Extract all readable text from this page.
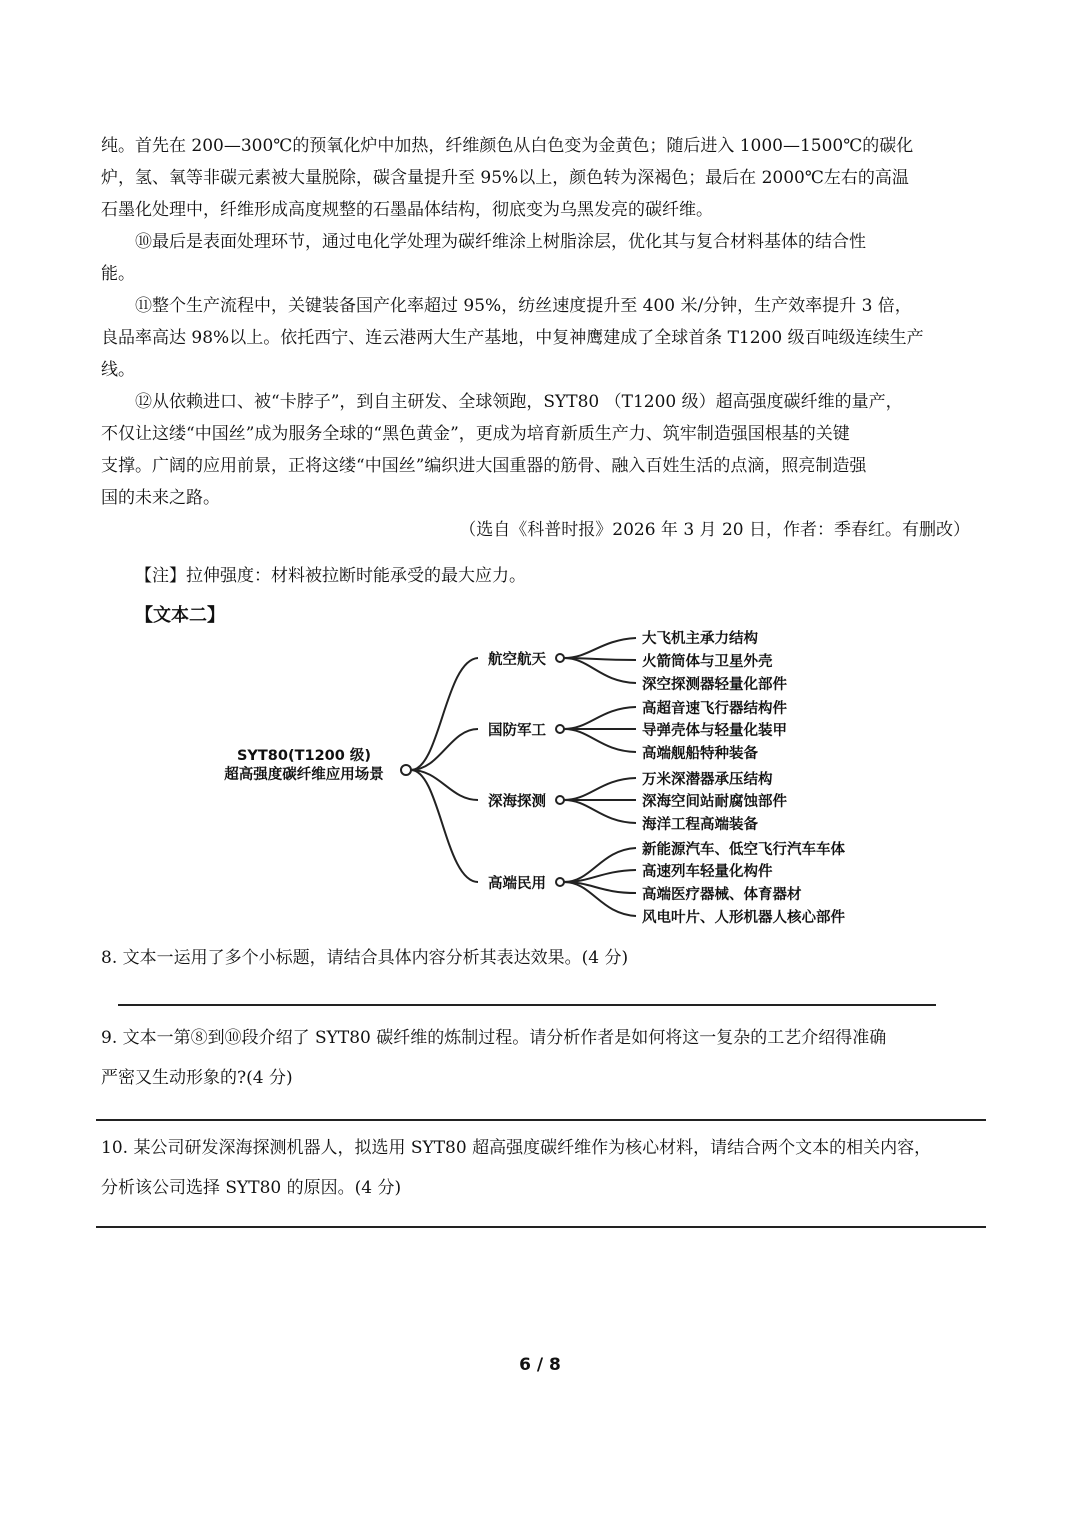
纯。首先在 200—300℃的预氧化炉中加热，纤维颜色从白色变为金黄色；随后进入 1000—1500℃的碳化
炉，氢、氧等非碳元素被大量脱除，碳含量提升至 95%以上，颜色转为深褐色；最后在 2000℃左右的高温
石墨化处理中，纤维形成高度规整的石墨晶体结构，彻底变为乌黑发亮的碳纤维。
⑩最后是表面处理环节，通过电化学处理为碳纤维涂上树脂涂层，优化其与复合材料基体的结合性
能。
⑪整个生产流程中，关键装备国产化率超过 95%，纺丝速度提升至 400 米/分钟，生产效率提升 3 倍，
良品率高达 98%以上。依托西宁、连云港两大生产基地，中复神鹰建成了全球首条 T1200 级百吨级连续生产
线。
⑫从依赖进口、被“卡脖子”，到自主研发、全球领跑，SYT80 （T1200 级）超高强度碳纤维的量产，
不仅让这缕“中国丝”成为服务全球的“黑色黄金”，更成为培育新质生产力、筑牢制造强国根基的关键
支撑。广阔的应用前景，正将这缕“中国丝”编织进大国重器的筋骨、融入百姓生活的点滴，照亮制造强
国的未来之路。
（选自《科普时报》2026 年 3 月 20 日，作者：季春红。有删改）
【注】拉伸强度：材料被拉断时能承受的最大应力。
【文本二】
SYT80(T1200 级)
超高强度碳纤维应用场景
航空航天
国防军工
深海探测
高端民用
大飞机主承力结构
火箭筒体与卫星外壳
深空探测器轻量化部件
高超音速飞行器结构件
导弹壳体与轻量化装甲
高端舰船特种装备
万米深潜器承压结构
深海空间站耐腐蚀部件
海洋工程高端装备
新能源汽车、低空飞行汽车车体
高速列车轻量化构件
高端医疗器械、体育器材
风电叶片、人形机器人核心部件
8. 文本一运用了多个小标题，请结合具体内容分析其表达效果。(4 分)
9. 文本一第⑧到⑩段介绍了 SYT80 碳纤维的炼制过程。请分析作者是如何将这一复杂的工艺介绍得准确
严密又生动形象的?(4 分)
10. 某公司研发深海探测机器人，拟选用 SYT80 超高强度碳纤维作为核心材料，请结合两个文本的相关内容，
分析该公司选择 SYT80 的原因。(4 分)
6 / 8
